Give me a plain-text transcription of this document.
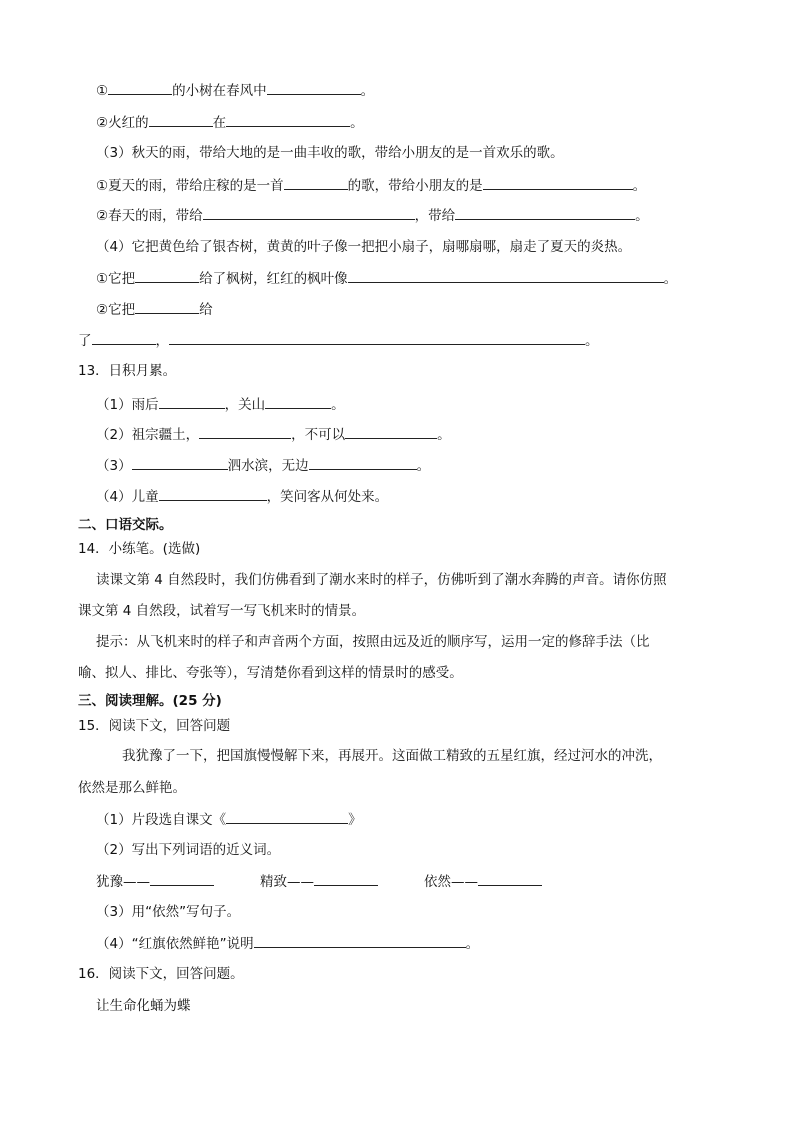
①	的小树在春风中	。
②火红的	在	。
（3）秋天的雨，带给大地的是一曲丰收的歌，带给小朋友的是一首欢乐的歌。
①夏天的雨，带给庄稼的是一首	的歌，带给小朋友的是	。
②春天的雨，带给	，带给	。
（4）它把黄色给了银杏树，黄黄的叶子像一把把小扇子，扇哪扇哪，扇走了夏天的炎热。
①它把	给了枫树，红红的枫叶像	。
②它把	给
了	，	。
13．日积月累。
（1）雨后	，关山	。
（2）祖宗疆土，	，不可以	。
（3）	泗水滨，无边	。
（4）儿童	，笑问客从何处来。
二、口语交际。
14．小练笔。(选做)
读课文第 4 自然段时，我们仿佛看到了潮水来时的样子，仿佛听到了潮水奔腾的声音。请你仿照
课文第 4 自然段，试着写一写飞机来时的情景。
提示：从飞机来时的样子和声音两个方面，按照由远及近的顺序写，运用一定的修辞手法（比
喻、拟人、排比、夸张等），写清楚你看到这样的情景时的感受。
三、阅读理解。(25 分)
15．阅读下文，回答问题
我犹豫了一下，把国旗慢慢解下来，再展开。这面做工精致的五星红旗，经过河水的冲洗，
依然是那么鲜艳。
（1）片段选自课文《	》
（2）写出下列词语的近义词。
犹豫——	精致——	依然——
（3）用“依然”写句子。
（4）“红旗依然鲜艳”说明	。
16．阅读下文，回答问题。
让生命化蛹为蝶
